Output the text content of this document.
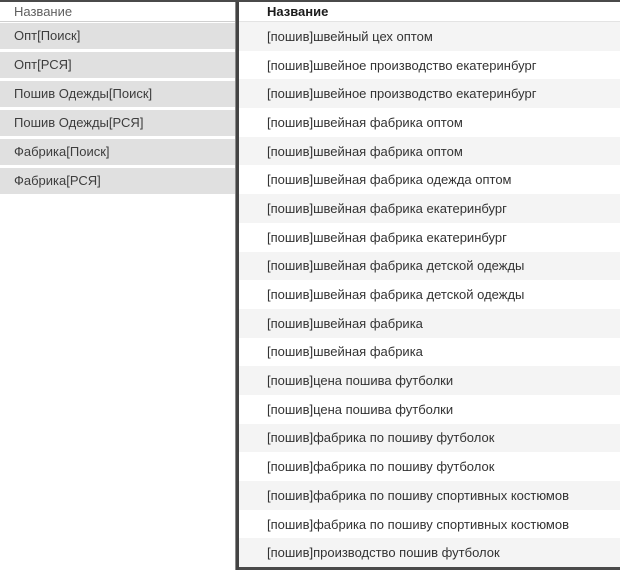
Название
Опт[Поиск]
Опт[РСЯ]
Пошив Одежды[Поиск]
Пошив Одежды[РСЯ]
Фабрика[Поиск]
Фабрика[РСЯ]
Название
[пошив]швейный цех оптом
[пошив]швейное производство екатеринбург
[пошив]швейное производство екатеринбург
[пошив]швейная фабрика оптом
[пошив]швейная фабрика оптом
[пошив]швейная фабрика одежда оптом
[пошив]швейная фабрика екатеринбург
[пошив]швейная фабрика екатеринбург
[пошив]швейная фабрика детской одежды
[пошив]швейная фабрика детской одежды
[пошив]швейная фабрика
[пошив]швейная фабрика
[пошив]цена пошива футболки
[пошив]цена пошива футболки
[пошив]фабрика по пошиву футболок
[пошив]фабрика по пошиву футболок
[пошив]фабрика по пошиву спортивных костюмов
[пошив]фабрика по пошиву спортивных костюмов
[пошив]производство пошив футболок
